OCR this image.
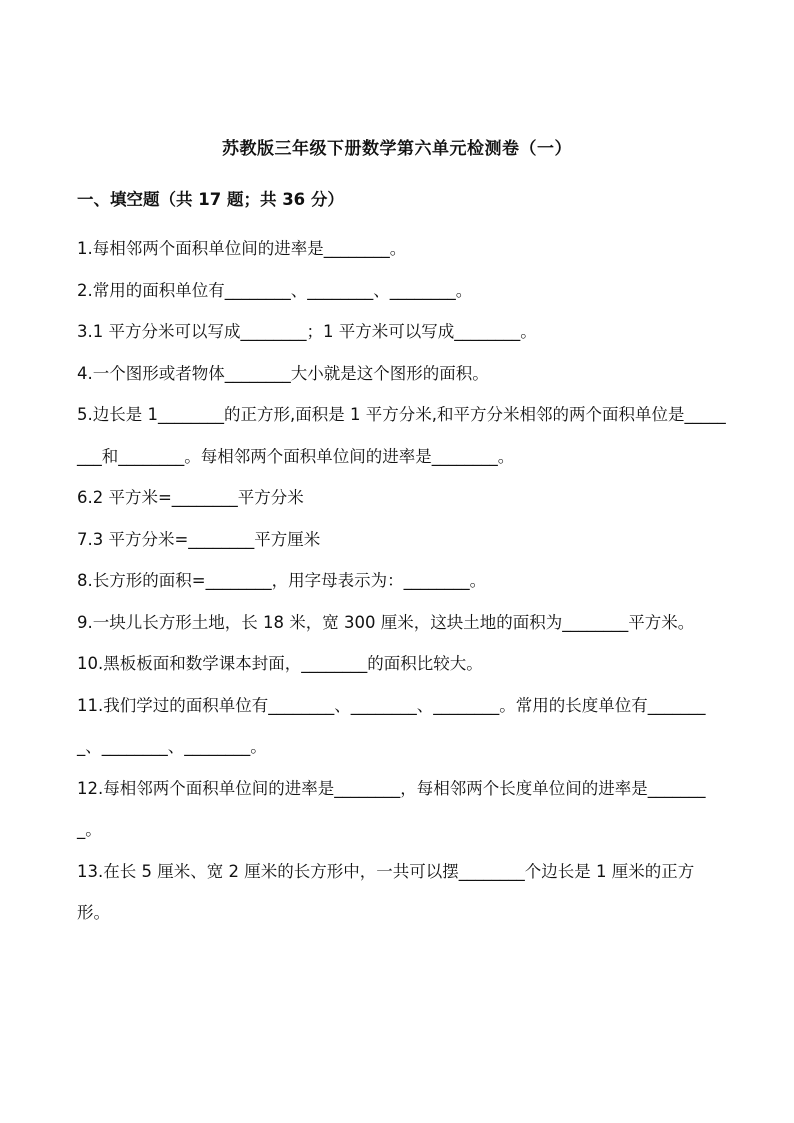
苏教版三年级下册数学第六单元检测卷（一）
一、填空题（共 17 题；共 36 分）

1.每相邻两个面积单位间的进率是________。

2.常用的面积单位有________、________、________。

3.1 平方分米可以写成________；1 平方米可以写成________。

4.一个图形或者物体________大小就是这个图形的面积。

5.边长是 1________的正方形,面积是 1 平方分米,和平方分米相邻的两个面积单位是________和________。每相邻两个面积单位间的进率是________。

6.2 平方米=________平方分米

7.3 平方分米=________平方厘米

8.长方形的面积=________，用字母表示为：________。

9.一块儿长方形土地，长 18 米，宽 300 厘米，这块土地的面积为________平方米。

10.黑板板面和数学课本封面，________的面积比较大。

11.我们学过的面积单位有________、________、________。常用的长度单位有________、________、________。

12.每相邻两个面积单位间的进率是________，每相邻两个长度单位间的进率是________。

13.在长 5 厘米、宽 2 厘米的长方形中，一共可以摆________个边长是 1 厘米的正方形。
